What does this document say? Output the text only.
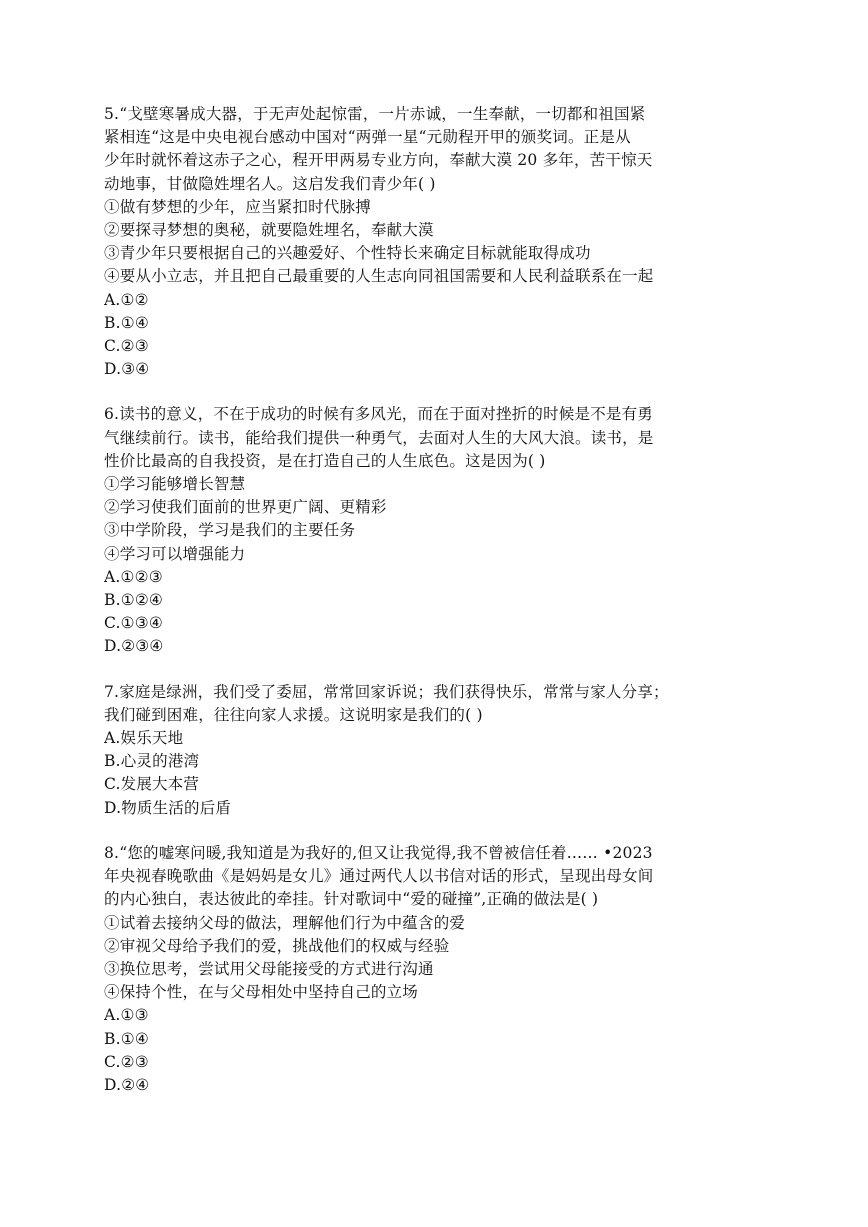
5.“戈壁寒暑成大器，于无声处起惊雷，一片赤诚，一生奉献，一切都和祖国紧
紧相连“这是中央电视台感动中国对“两弹一星“元勋程开甲的颁奖词。正是从
少年时就怀着这赤子之心，程开甲两易专业方向，奉献大漠 20 多年，苦干惊天
动地事，甘做隐姓埋名人。这启发我们青少年( )
①做有梦想的少年，应当紧扣时代脉搏
②要探寻梦想的奥秘，就要隐姓埋名，奉献大漠
③青少年只要根据自己的兴趣爱好、个性特长来确定目标就能取得成功
④要从小立志，并且把自己最重要的人生志向同祖国需要和人民利益联系在一起
A.①②
B.①④
C.②③
D.③④
6.读书的意义，不在于成功的时候有多风光，而在于面对挫折的时候是不是有勇
气继续前行。读书，能给我们提供一种勇气，去面对人生的大风大浪。读书，是
性价比最高的自我投资，是在打造自己的人生底色。这是因为( )
①学习能够增长智慧
②学习使我们面前的世界更广阔、更精彩
③中学阶段，学习是我们的主要任务
④学习可以增强能力
A.①②③
B.①②④
C.①③④
D.②③④
7.家庭是绿洲，我们受了委屈，常常回家诉说；我们获得快乐，常常与家人分享；
我们碰到困难，往往向家人求援。这说明家是我们的( )
A.娱乐天地
B.心灵的港湾
C.发展大本营
D.物质生活的后盾
8.“您的嘘寒问暖,我知道是为我好的,但又让我觉得,我不曾被信任着…… •2023
年央视春晚歌曲《是妈妈是女儿》通过两代人以书信对话的形式，呈现出母女间
的内心独白，表达彼此的牵挂。针对歌词中“爱的碰撞”,正确的做法是( )
①试着去接纳父母的做法，理解他们行为中蕴含的爱
②审视父母给予我们的爱，挑战他们的权威与经验
③换位思考，尝试用父母能接受的方式进行沟通
④保持个性，在与父母相处中坚持自己的立场
A.①③
B.①④
C.②③
D.②④
